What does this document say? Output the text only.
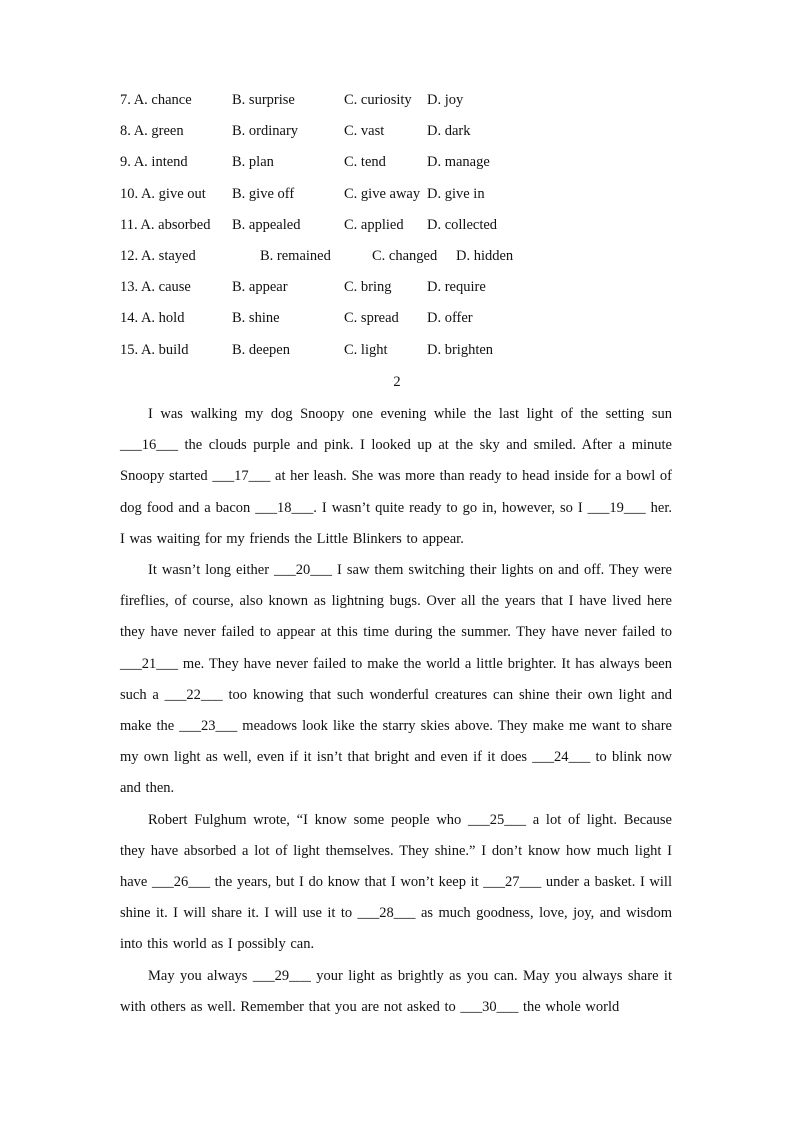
7. A. chance	B. surprise	C. curiosity D. joy
8. A. green	B. ordinary	C. vast	D. dark
9. A. intend	B. plan	C. tend	D. manage
10. A. give out B. give off	C. give away D. give in
11. A. absorbed B. appealed	C. applied D. collected
12. A. stayed	B. remained	C. changed D. hidden
13. A. cause	B. appear	C. bring D. require
14. A. hold	B. shine	C. spread D. offer
15. A. build	B. deepen	C. light	D. brighten
2

I was walking my dog Snoopy one evening while the last light of the setting sun ___16___ the clouds purple and pink. I looked up at the sky and smiled. After a minute Snoopy started ___17___ at her leash. She was more than ready to head inside for a bowl of dog food and a bacon ___18___. I wasn’t quite ready to go in, however, so I ___19___ her. I was waiting for my friends the Little Blinkers to appear.

It wasn’t long either ___20___ I saw them switching their lights on and off. They were fireflies, of course, also known as lightning bugs. Over all the years that I have lived here they have never failed to appear at this time during the summer. They have never failed to ___21___ me. They have never failed to make the world a little brighter. It has always been such a ___22___ too knowing that such wonderful creatures can shine their own light and make the ___23___ meadows look like the starry skies above. They make me want to share my own light as well, even if it isn’t that bright and even if it does ___24___ to blink now and then.

Robert Fulghum wrote, “I know some people who ___25___ a lot of light. Because they have absorbed a lot of light themselves. They shine.” I don’t know how much light I have ___26___ the years, but I do know that I won’t keep it ___27___ under a basket. I will shine it. I will share it. I will use it to ___28___ as much goodness, love, joy, and wisdom into this world as I possibly can.

May you always ___29___ your light as brightly as you can. May you always share it with others as well. Remember that you are not asked to ___30___ the whole world
